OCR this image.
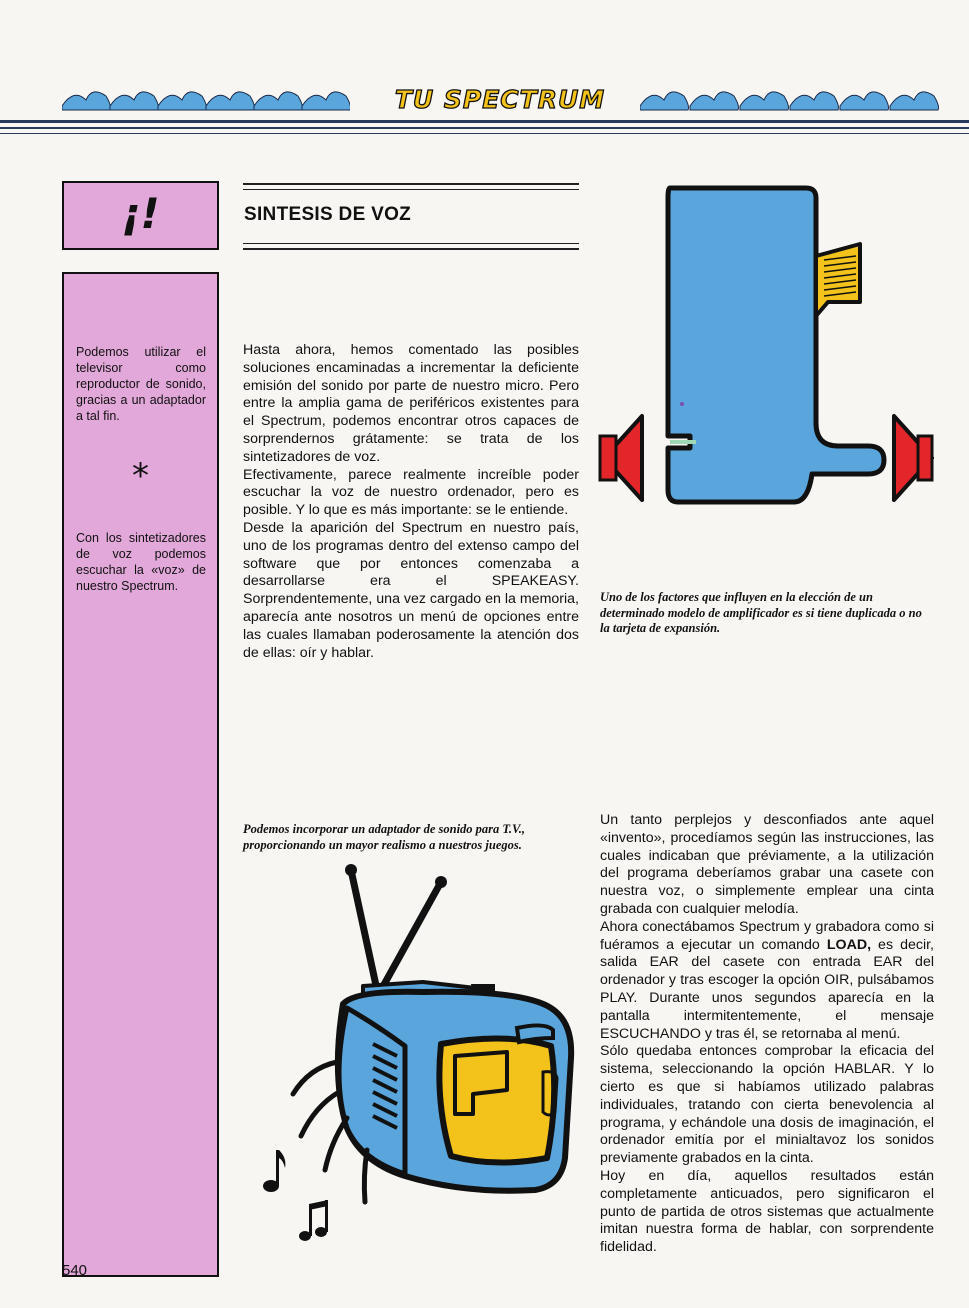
TU SPECTRUM
¡!

Podemos utilizar el televisor como reproductor de sonido, gracias a un adaptador a tal fin.

*

Con los sintetizadores de voz podemos escuchar la «voz» de nuestro Spectrum.

SINTESIS DE VOZ

Hasta ahora, hemos comentado las posibles soluciones encaminadas a incrementar la deficiente emisión del sonido por parte de nuestro micro. Pero entre la amplia gama de periféricos existentes para el Spectrum, podemos encontrar otros capaces de sorprendernos grátamente: se trata de los sintetizadores de voz.

Efectivamente, parece realmente increíble poder escuchar la voz de nuestro ordenador, pero es posible. Y lo que es más importante: se le entiende.

Desde la aparición del Spectrum en nuestro país, uno de los programas dentro del extenso campo del software que por entonces comenzaba a desarrollarse era el SPEAKEASY. Sorprendentemente, una vez cargado en la memoria, aparecía ante nosotros un menú de opciones entre las cuales llamaban poderosamente la atención dos de ellas: oír y hablar.

Uno de los factores que influyen en la elección de un determinado modelo de amplificador es si tiene duplicada o no la tarjeta de expansión.

Un tanto perplejos y desconfiados ante aquel «invento», procedíamos según las instrucciones, las cuales indicaban que préviamente, a la utilización del programa deberíamos grabar una casete con nuestra voz, o simplemente emplear una cinta grabada con cualquier melodía.

Ahora conectábamos Spectrum y grabadora como si fuéramos a ejecutar un comando LOAD, es decir, salida EAR del casete con entrada EAR del ordenador y tras escoger la opción OIR, pulsábamos PLAY. Durante unos segundos aparecía en la pantalla intermitentemente, el mensaje ESCUCHANDO y tras él, se retornaba al menú.

Sólo quedaba entonces comprobar la eficacia del sistema, seleccionando la opción HABLAR. Y lo cierto es que si habíamos utilizado palabras individuales, tratando con cierta benevolencia al programa, y echándole una dosis de imaginación, el ordenador emitía por el minialtavoz los sonidos previamente grabados en la cinta.

Hoy en día, aquellos resultados están completamente anticuados, pero significaron el punto de partida de otros sistemas que actualmente imitan nuestra forma de hablar, con sorprendente fidelidad.

Podemos incorporar un adaptador de sonido para T.V., proporcionando un mayor realismo a nuestros juegos.

540
